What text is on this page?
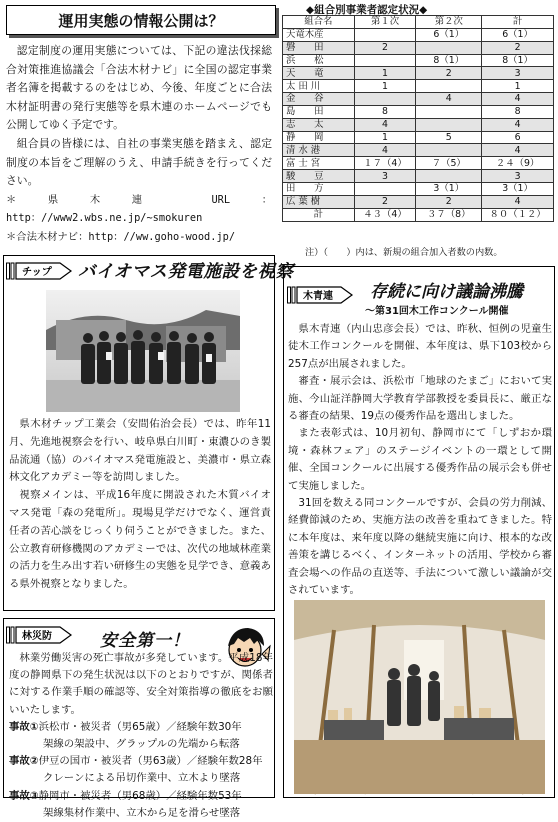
運用実態の情報公開は？

認定制度の運用実態については、下記の違法伐採総合対策推進協議会「合法木材ナビ」に全国の認定事業者名簿を掲載するのをはじめ、今後、年度ごとに合法木材証明書の発行実態等を県木連のホームページでも公開してゆく予定です。

組合員の皆様には、自社の事業実態を踏まえ、認定制度の本旨をご理解のうえ、申請手続きを行ってください。

＊県木連 URL：http：//www2.wbs.ne.jp/~smokuren

＊合法木材ナビ：http：//ww.goho-wood.jp/

◆組合別事業者認定状況◆
組合名	第１次	第２次	計
天竜木産		6（1）	6（1）
磐　　田	2		2
浜　　松		8（1）	8（1）
天　　竜	1	2	3
太 田 川	1		1
金　　谷		4	4
島　　田	8		8
志　　太	4		4
静　　岡	1	5	6
清 水 港	4		4
富 士 宮	１７（4）	７（5）	２４（9）
駿　　豆	3		3
田　　方		3（1）	3（1）
広 葉 樹	2	2	4
計	４３（4）	３７（8）	８０（１２）
注）（　　）内は、新規の組合加入者数の内数。
チップ バイオマス発電施設を視察

県木材チップ工業会（安間佑治会長）では、昨年11月、先進地視察会を行い、岐阜県白川町・東濃ひのき製品流通（協）のバイオマス発電施設と、美濃市・県立森林文化アカデミー等を訪問しました。

視察メインは、平成16年度に開設された木質バイオマス発電「森の発電所」。現場見学だけでなく、運営責任者の苦心談をじっくり伺うことができました。また、公立教育研修機関のアカデミーでは、次代の地域林産業の活力を生み出す若い研修生の実態を見学でき、意義ある県外視察となりました。

林災防	安全第一！

林業労働災害の死亡事故が多発しています。平成18年度の静岡県下の発生状況は以下のとおりですが、関係者に対する作業手順の確認等、安全対策指導の徹底をお願いいたします。

事故①浜松市・被災者（男65歳）／経験年数30年
架線の架設中、グラップルの先端から転落
事故②伊豆の国市・被災者（男63歳）／経験年数28年
クレーンによる吊切作業中、立木より墜落
事故③静岡市・被災者（男68歳）／経験年数53年
架線集材作業中、立木から足を滑らせ墜落
木青連 存続に向け議論沸騰
～第31回木工作コンクール開催

県木青連（内山忠彦会長）では、昨秋、恒例の児童生徒木工作コンクールを開催、本年度は、県下103校から257点が出展されました。

審査・展示会は、浜松市「地球のたまご」において実施、今山証洋静岡大学教育学部教授を委員長に、厳正なる審査の結果、19点の優秀作品を選出しました。

また表彰式は、10月初旬、静岡市にて「しずおか環境・森林フェア」のステージイベントの一環として開催、全国コンクールに出展する優秀作品の展示会も併せて実施しました。

31回を数える同コンクールですが、会員の労力削減、経費節減のため、実施方法の改善を重ねてきました。特に本年度は、来年度以降の継続実施に向け、根本的な改善策を講じるべく、インターネットの活用、学校から審査会場への作品の直送等、手法について激しい議論が交されています。
